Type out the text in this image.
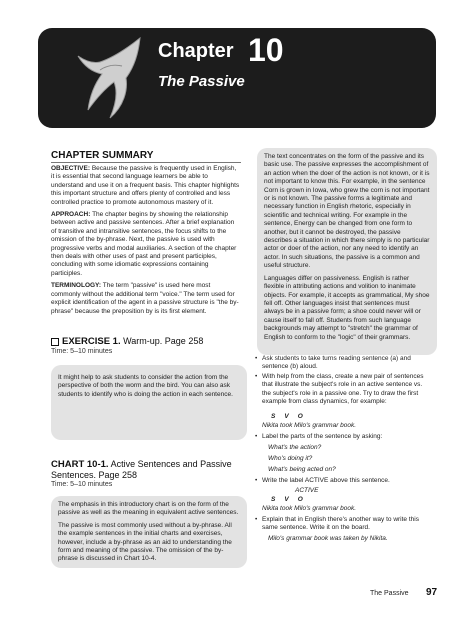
Chapter 10
The Passive
CHAPTER SUMMARY

OBJECTIVE: Because the passive is frequently used in English, it is essential that second language learners be able to understand and use it on a frequent basis. This chapter highlights this important structure and offers plenty of controlled and less controlled practice to promote autonomous mastery of it.

APPROACH: The chapter begins by showing the relationship between active and passive sentences. After a brief explanation of transitive and intransitive sentences, the focus shifts to the omission of the by-phrase. Next, the passive is used with progressive verbs and modal auxiliaries. A section of the chapter then deals with other uses of past and present participles, concluding with some idiomatic expressions containing participles.

TERMINOLOGY: The term "passive" is used here most commonly without the additional term "voice." The term used for explicit identification of the agent in a passive structure is "the by-phrase" because the preposition by is its first element.

EXERCISE 1. Warm-up. Page 258
Time: 5–10 minutes
It might help to ask students to consider the action from the perspective of both the worm and the bird. You can also ask students to identify who is doing the action in each sentence.
CHART 10-1. Active Sentences and Passive Sentences. Page 258
Time: 5–10 minutes

The emphasis in this introductory chart is on the form of the passive as well as the meaning in equivalent active sentences.

The passive is most commonly used without a by-phrase. All the example sentences in the initial charts and exercises, however, include a by-phrase as an aid to understanding the form and meaning of the passive. The omission of the by-phrase is discussed in Chart 10-4.

The text concentrates on the form of the passive and its basic use. The passive expresses the accomplishment of an action when the doer of the action is not known, or it is not important to know this. For example, in the sentence Corn is grown in Iowa, who grew the corn is not important or is not known. The passive forms a legitimate and necessary function in English rhetoric, especially in scientific and technical writing. For example in the sentence, Energy can be changed from one form to another, but it cannot be destroyed, the passive describes a situation in which there simply is no particular actor or doer of the action, nor any need to identify an actor. In such situations, the passive is a common and useful structure.

Languages differ on passiveness. English is rather flexible in attributing actions and volition to inanimate objects. For example, it accepts as grammatical, My shoe fell off. Other languages insist that sentences must always be in a passive form; a shoe could never will or cause itself to fall off. Students from such language backgrounds may attempt to "stretch" the grammar of English to conform to the "logic" of their grammars.

• Ask students to take turns reading sentence (a) and sentence (b) aloud.
• With help from the class, create a new pair of sentences that illustrate the subject's role in an active sentence vs. the subject's role in a passive one. Try to draw the first example from class dynamics, for example:
S     V     O
Nikita took Milo's grammar book.
• Label the parts of the sentence by asking:
What's the action?
Who's doing it?
What's being acted on?
• Write the label ACTIVE above this sentence.
ACTIVE
S     V     O
Nikita took Milo's grammar book.
• Explain that in English there's another way to write this same sentence. Write it on the board.
Milo's grammar book was taken by Nikita.
The Passive 97
